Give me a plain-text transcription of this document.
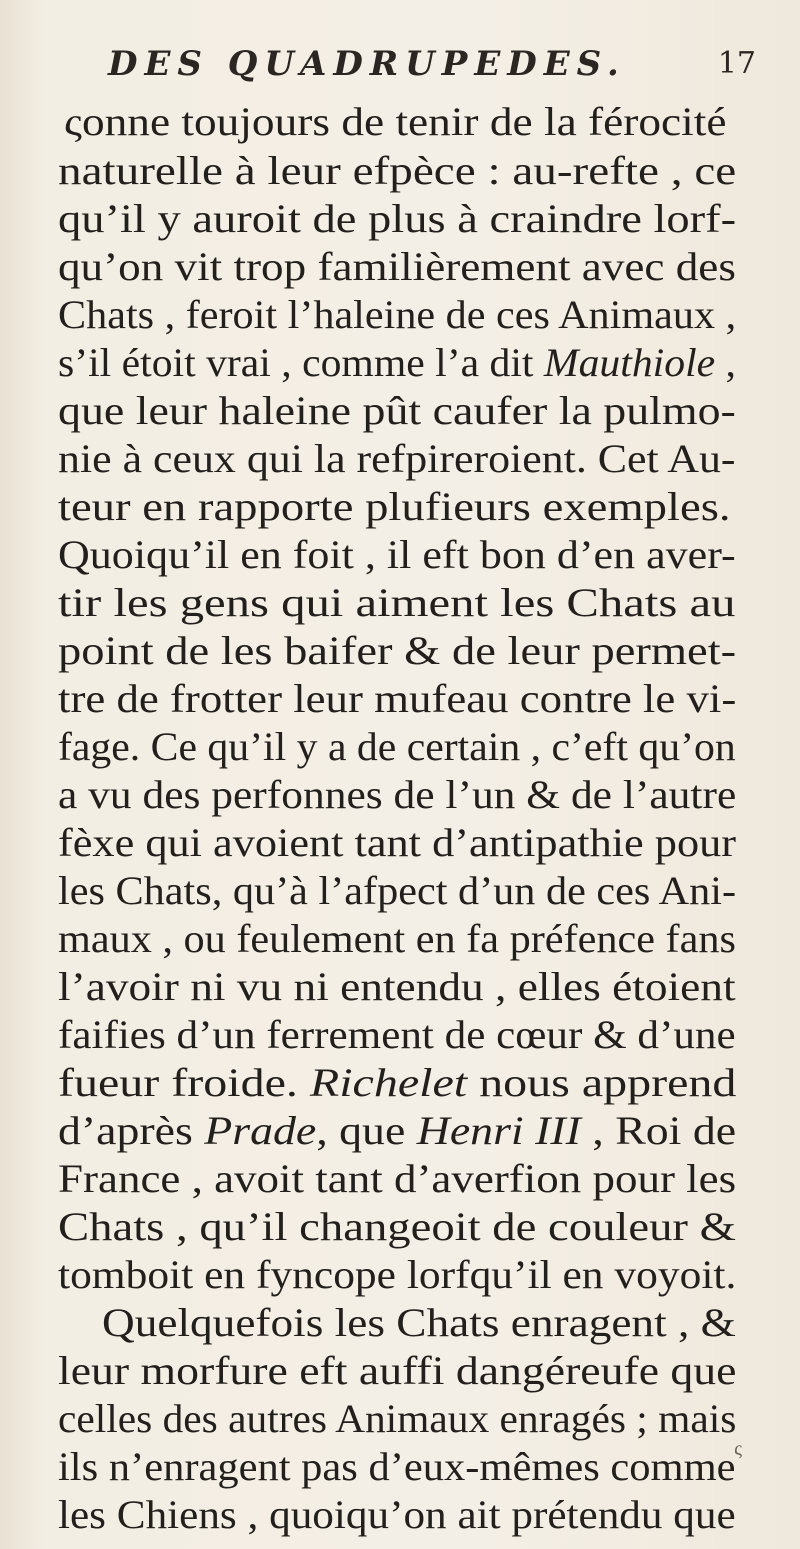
DES QUADRUPEDES.	17
ςonne toujours de tenir de la férocité
naturelle à leur efpèce : au-refte , ce
qu’il y auroit de plus à craindre lorf-
qu’on vit trop familièrement avec des
Chats , feroit l’haleine de ces Animaux ,
s’il étoit vrai , comme l’a dit Mauthiole ,
que leur haleine pût caufer la pulmo-
nie à ceux qui la refpireroient. Cet Au-
teur en rapporte plufieurs exemples.
Quoiqu’il en foit , il eft bon d’en aver-
tir les gens qui aiment les Chats au
point de les baifer & de leur permet-
tre de frotter leur mufeau contre le vi-
fage. Ce qu’il y a de certain , c’eft qu’on
a vu des perfonnes de l’un & de l’autre
fèxe qui avoient tant d’antipathie pour
les Chats, qu’à l’afpect d’un de ces Ani-
maux , ou feulement en fa préfence fans
l’avoir ni vu ni entendu , elles étoient
faifies d’un ferrement de cœur & d’une
fueur froide. Richelet nous apprend
d’après Prade, que Henri III , Roi de
France , avoit tant d’averfion pour les
Chats , qu’il changeoit de couleur &
tomboit en fyncope lorfqu’il en voyoit.
Quelquefois les Chats enragent , &
leur morfure eft auffi dangéreufe que
celles des autres Animaux enragés ; mais
ils n’enragent pas d’eux-mêmes comme
les Chiens , quoiqu’on ait prétendu que
ς
